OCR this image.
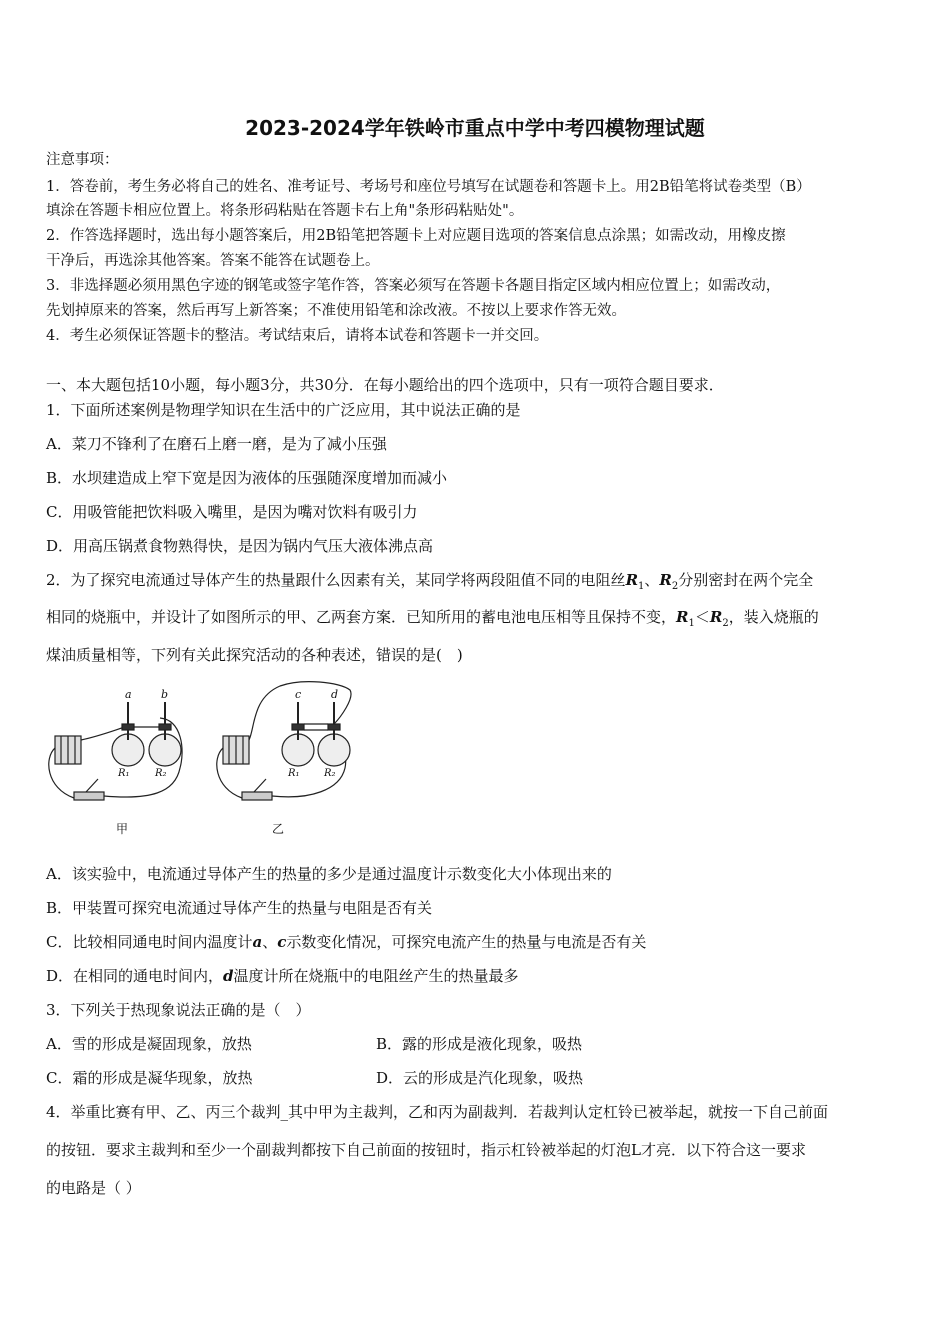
2023-2024学年铁岭市重点中学中考四模物理试题
注意事项：
1．答卷前，考生务必将自己的姓名、准考证号、考场号和座位号填写在试题卷和答题卡上。用2B铅笔将试卷类型（B）
填涂在答题卡相应位置上。将条形码粘贴在答题卡右上角"条形码粘贴处"。
2．作答选择题时，选出每小题答案后，用2B铅笔把答题卡上对应题目选项的答案信息点涂黑；如需改动，用橡皮擦
干净后，再选涂其他答案。答案不能答在试题卷上。
3．非选择题必须用黑色字迹的钢笔或签字笔作答，答案必须写在答题卡各题目指定区域内相应位置上；如需改动，
先划掉原来的答案，然后再写上新答案；不准使用铅笔和涂改液。不按以上要求作答无效。
4．考生必须保证答题卡的整洁。考试结束后，请将本试卷和答题卡一并交回。
一、本大题包括10小题，每小题3分，共30分．在每小题给出的四个选项中，只有一项符合题目要求．
1．下面所述案例是物理学知识在生活中的广泛应用，其中说法正确的是
A．菜刀不锋利了在磨石上磨一磨，是为了减小压强
B．水坝建造成上窄下宽是因为液体的压强随深度增加而减小
C．用吸管能把饮料吸入嘴里，是因为嘴对饮料有吸引力
D．用高压锅煮食物熟得快，是因为锅内气压大液体沸点高
2．为了探究电流通过导体产生的热量跟什么因素有关，某同学将两段阻值不同的电阻丝$R_1$、$R_2$分别密封在两个完全
相同的烧瓶中，并设计了如图所示的甲、乙两套方案．已知所用的蓄电池电压相等且保持不变，$R_1<R_2$，装入烧瓶的
煤油质量相等，下列有关此探究活动的各种表述，错误的是(　)
a	b	c	d
R₁	R₂	R₁ R₂
甲	乙
A．该实验中，电流通过导体产生的热量的多少是通过温度计示数变化大小体现出来的
B．甲装置可探究电流通过导体产生的热量与电阻是否有关
C．比较相同通电时间内温度计a、c示数变化情况，可探究电流产生的热量与电流是否有关
D．在相同的通电时间内，d温度计所在烧瓶中的电阻丝产生的热量最多
3．下列关于热现象说法正确的是（　）
A．雪的形成是凝固现象，放热	B．露的形成是液化现象，吸热
C．霜的形成是凝华现象，放热	D．云的形成是汽化现象，吸热
4．举重比赛有甲、乙、丙三个裁判_其中甲为主裁判，乙和丙为副裁判．若裁判认定杠铃已被举起，就按一下自己前面
的按钮．要求主裁判和至少一个副裁判都按下自己前面的按钮时，指示杠铃被举起的灯泡L才亮．以下符合这一要求
的电路是（ ）
